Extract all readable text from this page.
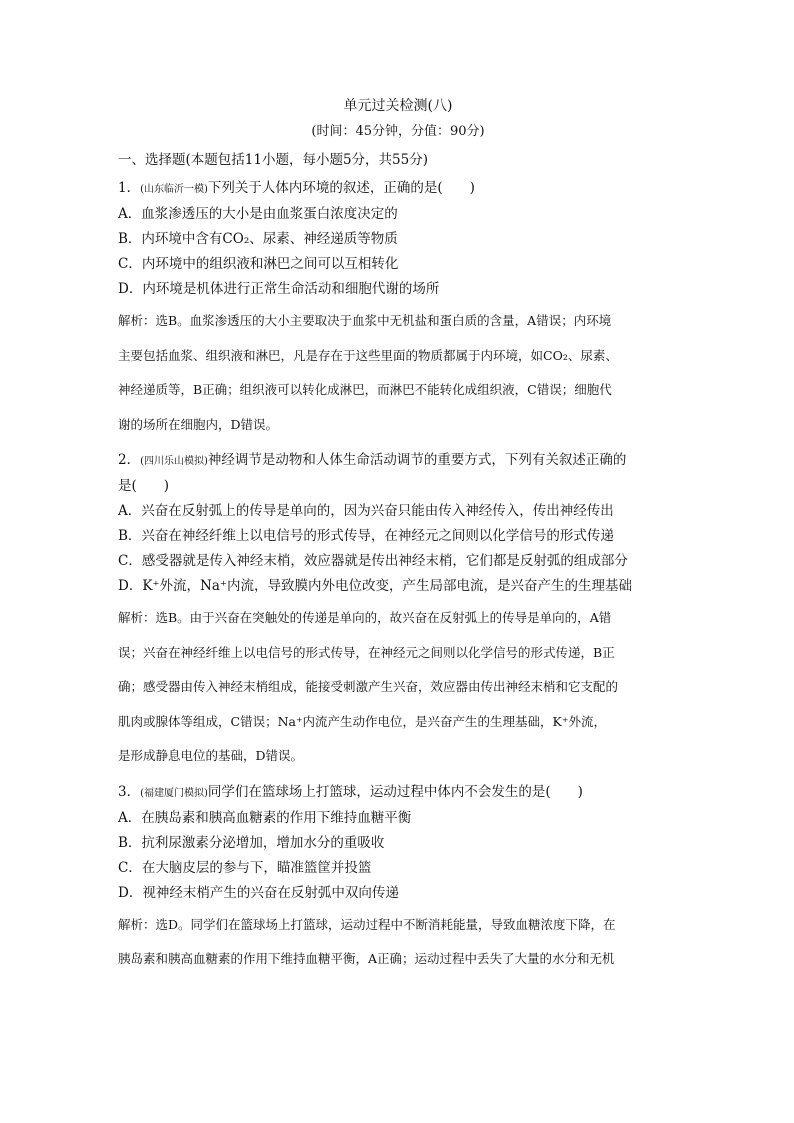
单元过关检测(八)

(时间：45分钟，分值：90分)

一、选择题(本题包括11小题，每小题5分，共55分)

1．(山东临沂一模)下列关于人体内环境的叙述，正确的是(　　)

A．血浆渗透压的大小是由血浆蛋白浓度决定的

B．内环境中含有CO₂、尿素、神经递质等物质

C．内环境中的组织液和淋巴之间可以互相转化

D．内环境是机体进行正常生命活动和细胞代谢的场所

解析：选B。血浆渗透压的大小主要取决于血浆中无机盐和蛋白质的含量，A错误；内环境
主要包括血浆、组织液和淋巴，凡是存在于这些里面的物质都属于内环境，如CO₂、尿素、
神经递质等，B正确；组织液可以转化成淋巴，而淋巴不能转化成组织液，C错误；细胞代
谢的场所在细胞内，D错误。

2．(四川乐山模拟)神经调节是动物和人体生命活动调节的重要方式，下列有关叙述正确的

是(　　)

A．兴奋在反射弧上的传导是单向的，因为兴奋只能由传入神经传入，传出神经传出

B．兴奋在神经纤维上以电信号的形式传导，在神经元之间则以化学信号的形式传递

C．感受器就是传入神经末梢，效应器就是传出神经末梢，它们都是反射弧的组成部分

D．K⁺外流，Na⁺内流，导致膜内外电位改变，产生局部电流，是兴奋产生的生理基础

解析：选B。由于兴奋在突触处的传递是单向的，故兴奋在反射弧上的传导是单向的，A错
误；兴奋在神经纤维上以电信号的形式传导，在神经元之间则以化学信号的形式传递，B正
确；感受器由传入神经末梢组成，能接受刺激产生兴奋，效应器由传出神经末梢和它支配的
肌肉或腺体等组成，C错误；Na⁺内流产生动作电位，是兴奋产生的生理基础，K⁺外流，
是形成静息电位的基础，D错误。

3．(福建厦门模拟)同学们在篮球场上打篮球，运动过程中体内不会发生的是(　　)

A．在胰岛素和胰高血糖素的作用下维持血糖平衡

B．抗利尿激素分泌增加，增加水分的重吸收

C．在大脑皮层的参与下，瞄准篮筐并投篮

D．视神经末梢产生的兴奋在反射弧中双向传递

解析：选D。同学们在篮球场上打篮球，运动过程中不断消耗能量，导致血糖浓度下降，在
胰岛素和胰高血糖素的作用下维持血糖平衡，A正确；运动过程中丢失了大量的水分和无机
